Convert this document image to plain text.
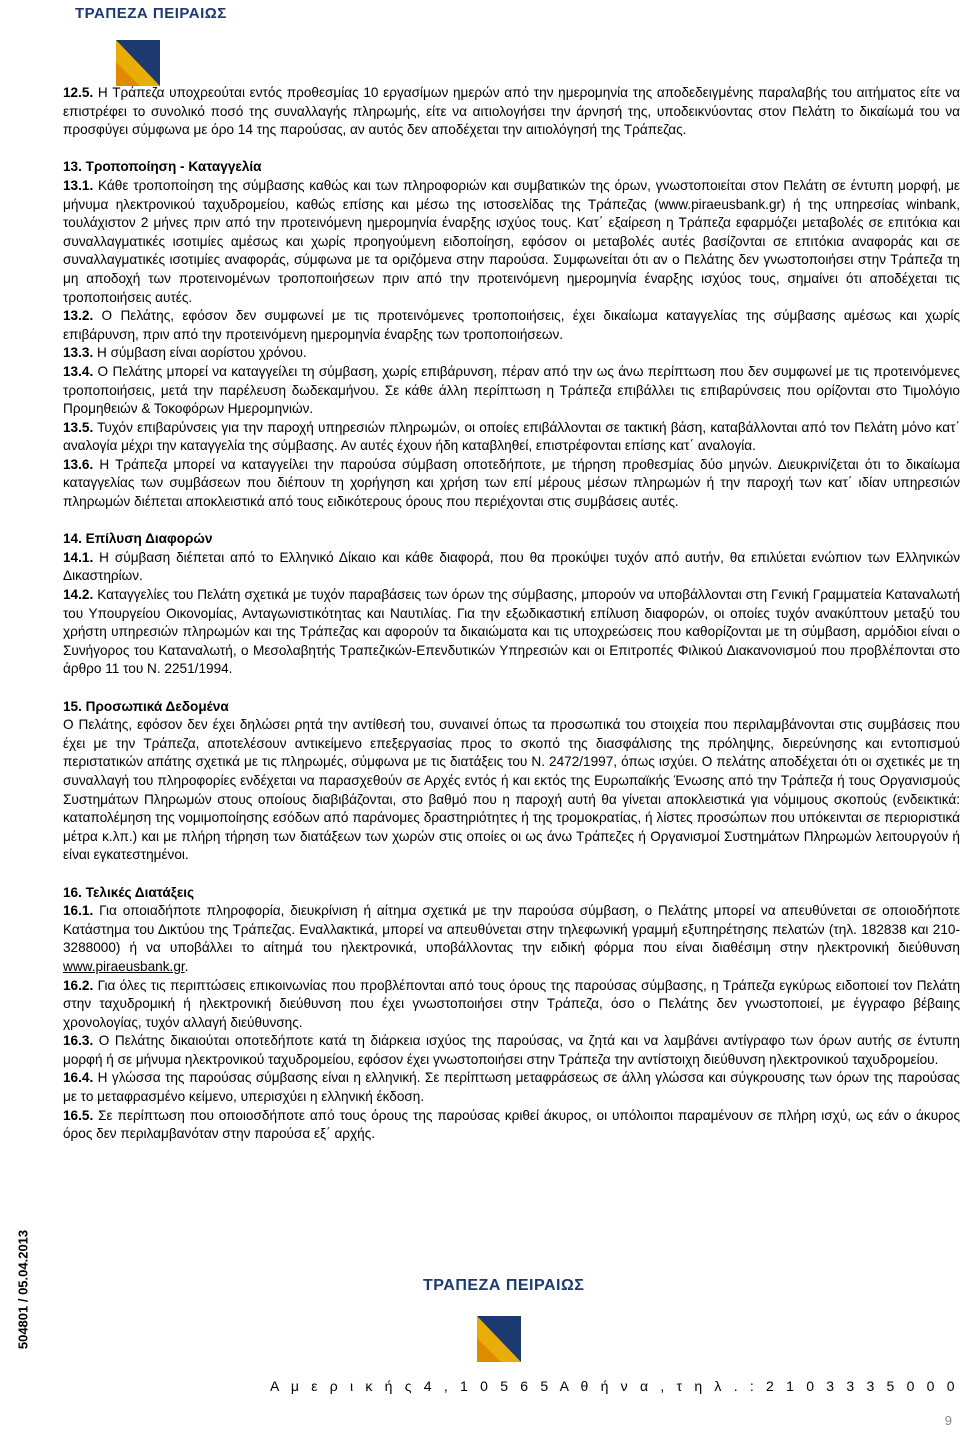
ΤΡΑΠΕΖΑ ΠΕΙΡΑΙΩΣ

12.5. Η Τράπεζα υποχρεούται εντός προθεσμίας 10 εργασίμων ημερών από την ημερομηνία της αποδεδειγμένης παραλαβής του αιτήματος είτε να επιστρέφει το συνολικό ποσό της συναλλαγής πληρωμής, είτε να αιτιολογήσει την άρνησή της, υποδεικνύοντας στον Πελάτη το δικαίωμά του να προσφύγει σύμφωνα με όρο 14 της παρούσας, αν αυτός δεν αποδέχεται την αιτιολόγησή της Τράπεζας.

13. Τροποποίηση - Καταγγελία

13.1. Κάθε τροποποίηση της σύμβασης καθώς και των πληροφοριών και συμβατικών της όρων, γνωστοποιείται στον Πελάτη σε έντυπη μορφή, με μήνυμα ηλεκτρονικού ταχυδρομείου, καθώς επίσης και μέσω της ιστοσελίδας της Τράπεζας (www.piraeusbank.gr) ή της υπηρεσίας winbank, τουλάχιστον 2 μήνες πριν από την προτεινόμενη ημερομηνία έναρξης ισχύος τους. Κατ΄ εξαίρεση η Τράπεζα εφαρμόζει μεταβολές σε επιτόκια και συναλλαγματικές ισοτιμίες αμέσως και χωρίς προηγούμενη ειδοποίηση, εφόσον οι μεταβολές αυτές βασίζονται σε επιτόκια αναφοράς και σε συναλλαγματικές ισοτιμίες αναφοράς, σύμφωνα με τα οριζόμενα στην παρούσα. Συμφωνείται ότι αν ο Πελάτης δεν γνωστοποιήσει στην Τράπεζα τη μη αποδοχή των προτεινομένων τροποποιήσεων πριν από την προτεινόμενη ημερομηνία έναρξης ισχύος τους, σημαίνει ότι αποδέχεται τις τροποποιήσεις αυτές.

13.2. Ο Πελάτης, εφόσον δεν συμφωνεί με τις προτεινόμενες τροποποιήσεις, έχει δικαίωμα καταγγελίας της σύμβασης αμέσως και χωρίς επιβάρυνση, πριν από την προτεινόμενη ημερομηνία έναρξης των τροποποιήσεων.

13.3. Η σύμβαση είναι αορίστου χρόνου.

13.4. Ο Πελάτης μπορεί να καταγγείλει τη σύμβαση, χωρίς επιβάρυνση, πέραν από την ως άνω περίπτωση που δεν συμφωνεί με τις προτεινόμενες τροποποιήσεις, μετά την παρέλευση δωδεκαμήνου. Σε κάθε άλλη περίπτωση η Τράπεζα επιβάλλει τις επιβαρύνσεις που ορίζονται στο Τιμολόγιο Προμηθειών & Τοκοφόρων Ημερομηνιών.

13.5. Τυχόν επιβαρύνσεις για την παροχή υπηρεσιών πληρωμών, οι οποίες επιβάλλονται σε τακτική βάση, καταβάλλονται από τον Πελάτη μόνο κατ΄ αναλογία μέχρι την καταγγελία της σύμβασης. Αν αυτές έχουν ήδη καταβληθεί, επιστρέφονται επίσης κατ΄ αναλογία.

13.6. Η Τράπεζα μπορεί να καταγγείλει την παρούσα σύμβαση οποτεδήποτε, με τήρηση προθεσμίας δύο μηνών. Διευκρινίζεται ότι το δικαίωμα καταγγελίας των συμβάσεων που διέπουν τη χορήγηση και χρήση των επί μέρους μέσων πληρωμών ή την παροχή των κατ΄ ιδίαν υπηρεσιών πληρωμών διέπεται αποκλειστικά από τους ειδικότερους όρους που περιέχονται στις συμβάσεις αυτές.

14. Επίλυση Διαφορών

14.1. Η σύμβαση διέπεται από το Ελληνικό Δίκαιο και κάθε διαφορά, που θα προκύψει τυχόν από αυτήν, θα επιλύεται ενώπιον των Ελληνικών Δικαστηρίων.

14.2. Καταγγελίες του Πελάτη σχετικά με τυχόν παραβάσεις των όρων της σύμβασης, μπορούν να υποβάλλονται στη Γενική Γραμματεία Καταναλωτή του Υπουργείου Οικονομίας, Ανταγωνιστικότητας και Ναυτιλίας. Για την εξωδικαστική επίλυση διαφορών, οι οποίες τυχόν ανακύπτουν μεταξύ του χρήστη υπηρεσιών πληρωμών και της Τράπεζας και αφορούν τα δικαιώματα και τις υποχρεώσεις που καθορίζονται με τη σύμβαση, αρμόδιοι είναι ο Συνήγορος του Καταναλωτή, ο Μεσολαβητής Τραπεζικών-Επενδυτικών Υπηρεσιών και οι Επιτροπές Φιλικού Διακανονισμού που προβλέπονται στο άρθρο 11 του Ν. 2251/1994.

15. Προσωπικά Δεδομένα

Ο Πελάτης, εφόσον δεν έχει δηλώσει ρητά την αντίθεσή του, συναινεί όπως τα προσωπικά του στοιχεία που περιλαμβάνονται στις συμβάσεις που έχει με την Τράπεζα, αποτελέσουν αντικείμενο επεξεργασίας προς το σκοπό της διασφάλισης της πρόληψης, διερεύνησης και εντοπισμού περιστατικών απάτης σχετικά με τις πληρωμές, σύμφωνα με τις διατάξεις του Ν. 2472/1997, όπως ισχύει. Ο πελάτης αποδέχεται ότι οι σχετικές με τη συναλλαγή του πληροφορίες ενδέχεται να παρασχεθούν σε Αρχές εντός ή και εκτός της Ευρωπαϊκής Ένωσης από την Τράπεζα ή τους Οργανισμούς Συστημάτων Πληρωμών στους οποίους διαβιβάζονται, στο βαθμό που η παροχή αυτή θα γίνεται αποκλειστικά για νόμιμους σκοπούς (ενδεικτικά: καταπολέμηση της νομιμοποίησης εσόδων από παράνομες δραστηριότητες ή της τρομοκρατίας, ή λίστες προσώπων που υπόκεινται σε περιοριστικά μέτρα κ.λπ.) και με πλήρη τήρηση των διατάξεων των χωρών στις οποίες οι ως άνω Τράπεζες ή Οργανισμοί Συστημάτων Πληρωμών λειτουργούν ή είναι εγκατεστημένοι.

16. Τελικές Διατάξεις

16.1. Για οποιαδήποτε πληροφορία, διευκρίνιση ή αίτημα σχετικά με την παρούσα σύμβαση, ο Πελάτης μπορεί να απευθύνεται σε οποιοδήποτε Κατάστημα του Δικτύου της Τράπεζας. Εναλλακτικά, μπορεί να απευθύνεται στην τηλεφωνική γραμμή εξυπηρέτησης πελατών (τηλ. 182838 και 210-3288000) ή να υποβάλλει το αίτημά του ηλεκτρονικά, υποβάλλοντας την ειδική φόρμα που είναι διαθέσιμη στην ηλεκτρονική διεύθυνση www.piraeusbank.gr.

16.2. Για όλες τις περιπτώσεις επικοινωνίας που προβλέπονται από τους όρους της παρούσας σύμβασης, η Τράπεζα εγκύρως ειδοποιεί τον Πελάτη στην ταχυδρομική ή ηλεκτρονική διεύθυνση που έχει γνωστοποιήσει στην Τράπεζα, όσο ο Πελάτης δεν γνωστοποιεί, με έγγραφο βέβαιης χρονολογίας, τυχόν αλλαγή διεύθυνσης.

16.3. Ο Πελάτης δικαιούται οποτεδήποτε κατά τη διάρκεια ισχύος της παρούσας, να ζητά και να λαμβάνει αντίγραφο των όρων αυτής σε έντυπη μορφή ή σε μήνυμα ηλεκτρονικού ταχυδρομείου, εφόσον έχει γνωστοποιήσει στην Τράπεζα την αντίστοιχη διεύθυνση ηλεκτρονικού ταχυδρομείου.

16.4. Η γλώσσα της παρούσας σύμβασης είναι η ελληνική. Σε περίπτωση μεταφράσεως σε άλλη γλώσσα και σύγκρουσης των όρων της παρούσας με το μεταφρασμένο κείμενο, υπερισχύει η ελληνική έκδοση.

16.5. Σε περίπτωση που οποιοσδήποτε από τους όρους της παρούσας κριθεί άκυρος, οι υπόλοιποι παραμένουν σε πλήρη ισχύ, ως εάν ο άκυρος όρος δεν περιλαμβανόταν στην παρούσα εξ΄ αρχής.

ΤΡΑΠΕΖΑ ΠΕΙΡΑΙΩΣ
Α μ ε ρ ι κ ή ς 4 , 1 0 5 6 5 Α θ ή ν α , τ η λ . : 2 1 0 3 3 3 5 0 0 0
504801 / 05.04.2013
9
